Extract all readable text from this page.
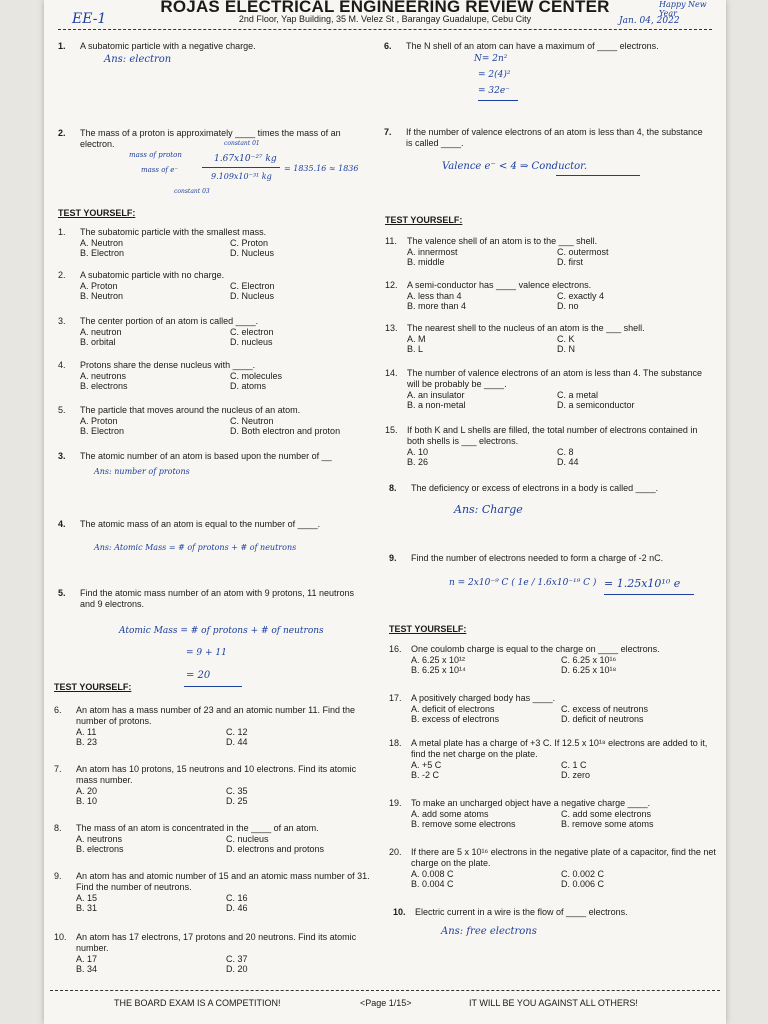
ROJAS ELECTRICAL ENGINEERING REVIEW CENTER
2nd Floor, Yap Building, 35 M. Velez St , Barangay Guadalupe, Cebu City
EE-1
Happy New Year
Jan. 04, 2022
1. A subatomic particle with a negative charge.
Ans: electron
2.	The mass of a proton is approximately ____ times the mass of an electron.
mass of proton
mass of e⁻
constant 01
constant 03
1.67x10⁻²⁷ kg
9.109x10⁻³¹ kg
= 1835.16 ≈ 1836
TEST YOURSELF:
1. The subatomic particle with the smallest mass.
A. Neutron	C. Proton
B. Electron	D. Nucleus
2. A subatomic particle with no charge.
A. Proton	C. Electron
B. Neutron	D. Nucleus
3. The center portion of an atom is called ____.
A. neutron	C. electron
B. orbital	D. nucleus
4. Protons share the dense nucleus with ____.
A. neutrons	C. molecules
B. electrons	D. atoms
5. The particle that moves around the nucleus of an atom.
A. Proton	C. Neutron
B. Electron	D. Both electron and proton
3. The atomic number of an atom is based upon the number of __
Ans: number of protons
4. The atomic mass of an atom is equal to the number of ____.
Ans: Atomic Mass = # of protons + # of neutrons
5.	Find the atomic mass number of an atom with 9 protons, 11 neutrons and 9 electrons.
Atomic Mass = # of protons + # of neutrons
= 9 + 11
= 20
TEST YOURSELF:
6.	An atom has a mass number of 23 and an atomic number 11. Find the number of protons.
A. 11	C. 12
B. 23	D. 44
7.	An atom has 10 protons, 15 neutrons and 10 electrons. Find its atomic mass number.
A. 20	C. 35
B. 10	D. 25
8. The mass of an atom is concentrated in the ____ of an atom.
A. neutrons	C. nucleus
B. electrons	D. electrons and protons
9.	An atom has and atomic number of 15 and an atomic mass number of 31. Find the number of neutrons.
A. 15	C. 16
B. 31	D. 46
10.	An atom has 17 electrons, 17 protons and 20 neutrons. Find its atomic number.
A. 17	C. 37
B. 34	D. 20
6. The N shell of an atom can have a maximum of ____ electrons.
N= 2n²
= 2(4)²
= 32e⁻
7.	If the number of valence electrons of an atom is less than 4, the substance is called ____.
Valence e⁻ < 4 ⇒ Conductor.
TEST YOURSELF:
11. The valence shell of an atom is to the ___ shell.
A. innermost	C. outermost
B. middle	D. first
12. A semi-conductor has ____ valence electrons.
A. less than 4	C. exactly 4
B. more than 4	D. no
13. The nearest shell to the nucleus of an atom is the ___ shell.
A. M	C. K
B. L	D. N
14.	The number of valence electrons of an atom is less than 4. The substance will be probably be ____.
A. an insulator	C. a metal
B. a non-metal	D. a semiconductor
15.	If both K and L shells are filled, the total number of electrons contained in both shells is ___ electrons.
A. 10	C. 8
B. 26	D. 44
8. The deficiency or excess of electrons in a body is called ____.
Ans: Charge
9. Find the number of electrons needed to form a charge of -2 nC.
n = 2x10⁻⁹ C ( 1e / 1.6x10⁻¹⁹ C ) = 1.25x10¹⁰ e
TEST YOURSELF:
16. One coulomb charge is equal to the charge on ____ electrons.
A. 6.25 x 10¹²	C. 6.25 x 10¹⁶
B. 6.25 x 10¹⁴	D. 6.25 x 10¹⁸
17. A positively charged body has ____.
A. deficit of electrons	C. excess of neutrons
B. excess of electrons	D. deficit of neutrons
18.	A metal plate has a charge of +3 C. If 12.5 x 10¹⁸ electrons are added to it, find the net charge on the plate.
A. +5 C	C. 1 C
B. -2 C	D. zero
19. To make an uncharged object have a negative charge ____.
A. add some atoms	C. add some electrons
B. remove some electrons	B. remove some atoms
20.	If there are 5 x 10¹⁶ electrons in the negative plate of a capacitor, find the net charge on the plate.
A. 0.008 C	C. 0.002 C
B. 0.004 C	D. 0.006 C
10. Electric current in a wire is the flow of ____ electrons.
Ans: free electrons
THE BOARD EXAM IS A COMPETITION!	<Page 1/15>	IT WILL BE YOU AGAINST ALL OTHERS!
